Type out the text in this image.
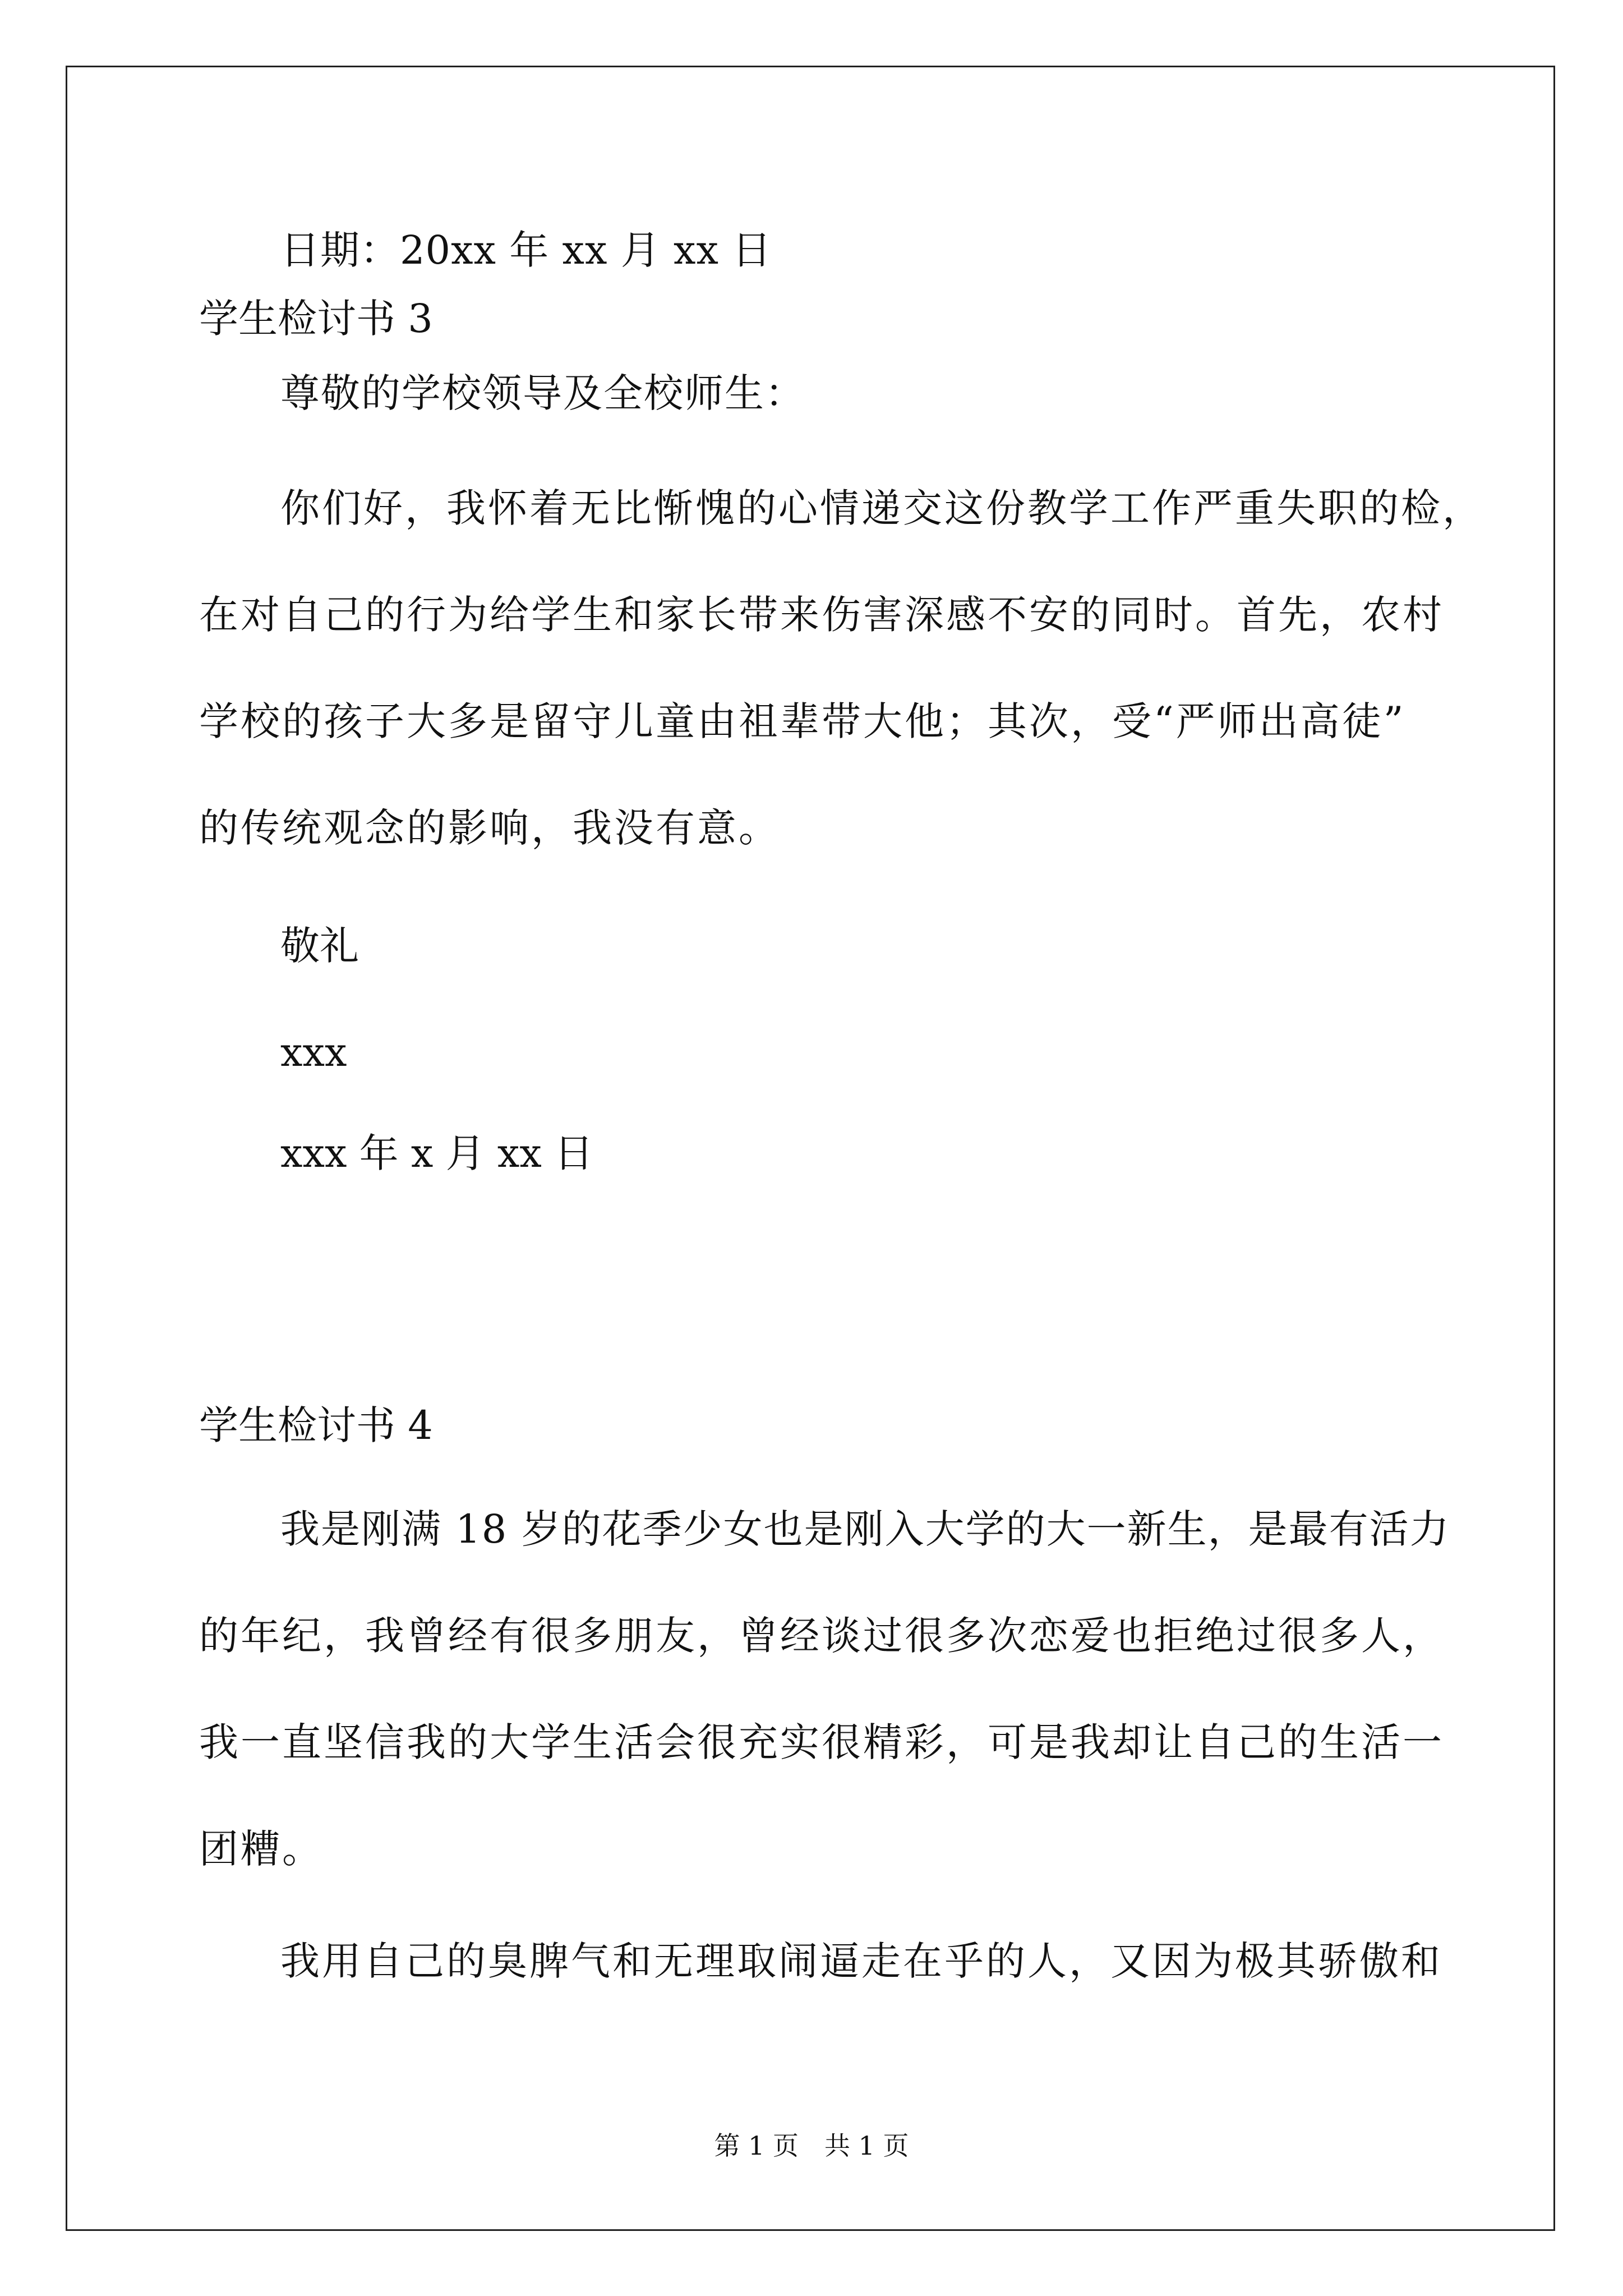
日期：20xx 年 xx 月 xx 日
学生检讨书 3
尊敬的学校领导及全校师生：
你们好，我怀着无比惭愧的心情递交这份教学工作严重失职的检，
在对自己的行为给学生和家长带来伤害深感不安的同时。首先，农村
学校的孩子大多是留守儿童由祖辈带大他；其次，受“严师出高徒”
的传统观念的影响，我没有意。
敬礼
xxx
xxx 年 x 月 xx 日
学生检讨书 4
我是刚满 18 岁的花季少女也是刚入大学的大一新生，是最有活力
的年纪，我曾经有很多朋友，曾经谈过很多次恋爱也拒绝过很多人，
我一直坚信我的大学生活会很充实很精彩，可是我却让自己的生活一
团糟。
我用自己的臭脾气和无理取闹逼走在乎的人，又因为极其骄傲和
第 1 页　共 1 页
